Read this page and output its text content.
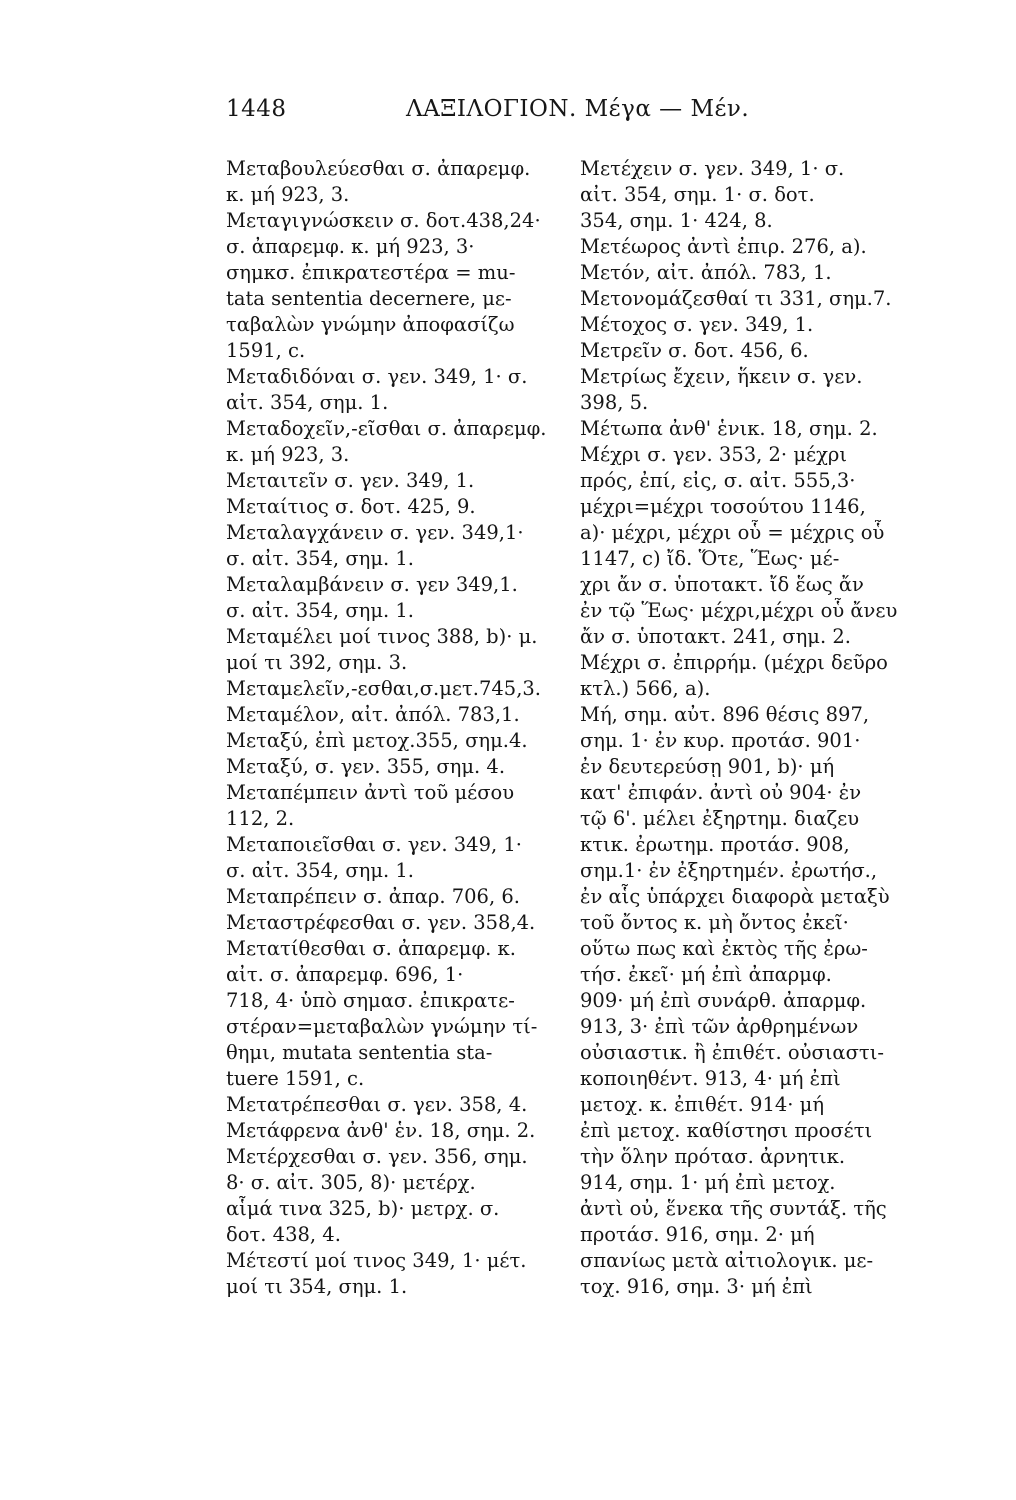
1448	ΛΑΞΙΛΟΓΙΟΝ. Μέγα — Μέν.
Μεταβουλεύεσθαι σ. ἀπαρεμφ.
κ. μή 923, 3.
Μεταγιγνώσκειν σ. δοτ.438,24·
σ. ἀπαρεμφ. κ. μή 923, 3·
σημκσ. ἐπικρατεστέρα = mu-
tata sententia decernere, με-
ταβαλὼν γνώμην ἀποφασίζω
1591, c.
Μεταδιδόναι σ. γεν. 349, 1· σ.
αἰτ. 354, σημ. 1.
Μεταδοχεῖν,-εῖσθαι σ. ἀπαρεμφ.
κ. μή 923, 3.
Μεταιτεῖν σ. γεν. 349, 1.
Μεταίτιος σ. δοτ. 425, 9.
Μεταλαγχάνειν σ. γεν. 349,1·
σ. αἰτ. 354, σημ. 1.
Μεταλαμβάνειν σ. γεν 349,1.
σ. αἰτ. 354, σημ. 1.
Μεταμέλει μοί τινος 388, b)· μ.
μοί τι 392, σημ. 3.
Μεταμελεῖν,-εσθαι,σ.μετ.745,3.
Μεταμέλον, αἰτ. ἀπόλ. 783,1.
Μεταξύ, ἐπὶ μετοχ.355, σημ.4.
Μεταξύ, σ. γεν. 355, σημ. 4.
Μεταπέμπειν ἀντὶ τοῦ μέσου
112, 2.
Μεταποιεῖσθαι σ. γεν. 349, 1·
σ. αἰτ. 354, σημ. 1.
Μεταπρέπειν σ. ἀπαρ. 706, 6.
Μεταστρέφεσθαι σ. γεν. 358,4.
Μετατίθεσθαι σ. ἀπαρεμφ. κ.
αἰτ. σ. ἀπαρεμφ. 696, 1·
718, 4· ὑπὸ σημασ. ἐπικρατε-
στέραν=μεταβαλὼν γνώμην τί-
θημι, mutata sententia sta-
tuere 1591, c.
Μετατρέπεσθαι σ. γεν. 358, 4.
Μετάφρενα ἀνθ' ἑν. 18, σημ. 2.
Μετέρχεσθαι σ. γεν. 356, σημ.
8· σ. αἰτ. 305, 8)· μετέρχ.
αἷμά τινα 325, b)· μετρχ. σ.
δοτ. 438, 4.
Μέτεστί μοί τινος 349, 1· μέτ.
μοί τι 354, σημ. 1.
Μετέχειν σ. γεν. 349, 1· σ.
αἰτ. 354, σημ. 1· σ. δοτ.
354, σημ. 1· 424, 8.
Μετέωρος ἀντὶ ἐπιρ. 276, a).
Μετόν, αἰτ. ἀπόλ. 783, 1.
Μετονομάζεσθαί τι 331, σημ.7.
Μέτοχος σ. γεν. 349, 1.
Μετρεῖν σ. δοτ. 456, 6.
Μετρίως ἔχειν, ἥκειν σ. γεν.
398, 5.
Μέτωπα ἀνθ' ἑνικ. 18, σημ. 2.
Μέχρι σ. γεν. 353, 2· μέχρι
πρός, ἐπί, εἰς, σ. αἰτ. 555,3·
μέχρι=μέχρι τοσούτου 1146,
a)· μέχρι, μέχρι οὗ = μέχρις οὗ
1147, c) ἴδ. Ὅτε, Ἕως· μέ-
χρι ἄν σ. ὑποτακτ. ἴδ ἕως ἄν
ἐν τῷ Ἕως· μέχρι,μέχρι οὗ ἄνευ
ἄν σ. ὑποτακτ. 241, σημ. 2.
Μέχρι σ. ἐπιρρήμ. (μέχρι δεῦρο
κτλ.) 566, a).
Μή, σημ. αὐτ. 896 θέσις 897,
σημ. 1· ἐν κυρ. προτάσ. 901·
ἐν δευτερεύσῃ 901, b)· μή
κατ' ἐπιφάν. ἀντὶ οὐ 904· ἐν
τῷ 6'. μέλει ἐξηρτημ. διαζευ
κτικ. ἐρωτημ. προτάσ. 908,
σημ.1· ἐν ἐξηρτημέν. ἐρωτήσ.,
ἐν αἷς ὑπάρχει διαφορὰ μεταξὺ
τοῦ ὄντος κ. μὴ ὄντος ἐκεῖ·
οὕτω πως καὶ ἐκτὸς τῆς ἐρω-
τήσ. ἐκεῖ· μή ἐπὶ ἀπαρμφ.
909· μή ἐπὶ συνάρθ. ἀπαρμφ.
913, 3· ἐπὶ τῶν ἀρθρημένων
οὐσιαστικ. ἢ ἐπιθέτ. οὐσιαστι-
κοποιηθέντ. 913, 4· μή ἐπὶ
μετοχ. κ. ἐπιθέτ. 914· μή
ἐπὶ μετοχ. καθίστησι προσέτι
τὴν ὅλην πρότασ. ἀρνητικ.
914, σημ. 1· μή ἐπὶ μετοχ.
ἀντὶ οὐ, ἕνεκα τῆς συντάξ. τῆς
προτάσ. 916, σημ. 2· μή
σπανίως μετὰ αἰτιολογικ. με-
τοχ. 916, σημ. 3· μή ἐπὶ
